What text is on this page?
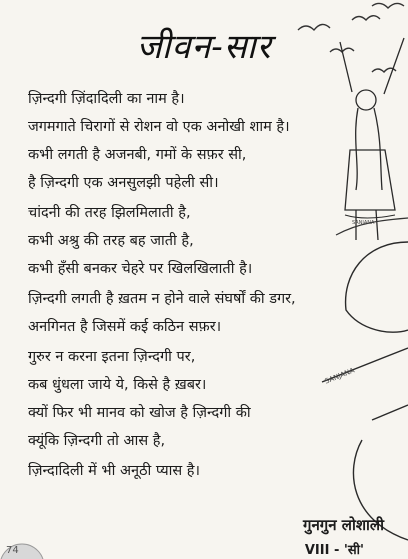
जीवन-सार
ज़िन्दगी ज़िंदादिली का नाम है।
जगमगाते चिरागों से रोशन वो एक अनोखी शाम है।
कभी लगती है अजनबी, गमों के सफ़र सी,
है ज़िन्दगी एक अनसुलझी पहेली सी।
चांदनी की तरह झिलमिलाती है,
कभी अश्रु की तरह बह जाती है,
कभी हँसी बनकर चेहरे पर खिलखिलाती है।
ज़िन्दगी लगती है ख़तम न होने वाले संघर्षों की डगर,
अनगिनत है जिसमें कई कठिन सफ़र।
गुरुर न करना इतना ज़िन्दगी पर,
कब धुंधला जाये ये, किसे है ख़बर।
क्यों फिर भी मानव को खोज है ज़िन्दगी की
क्यूंकि ज़िन्दगी तो आस है,
ज़िन्दादिली में भी अनूठी प्यास है।
गुनगुन लोशाली
VIII - 'सी'
74
SANJANA
SANJANA
